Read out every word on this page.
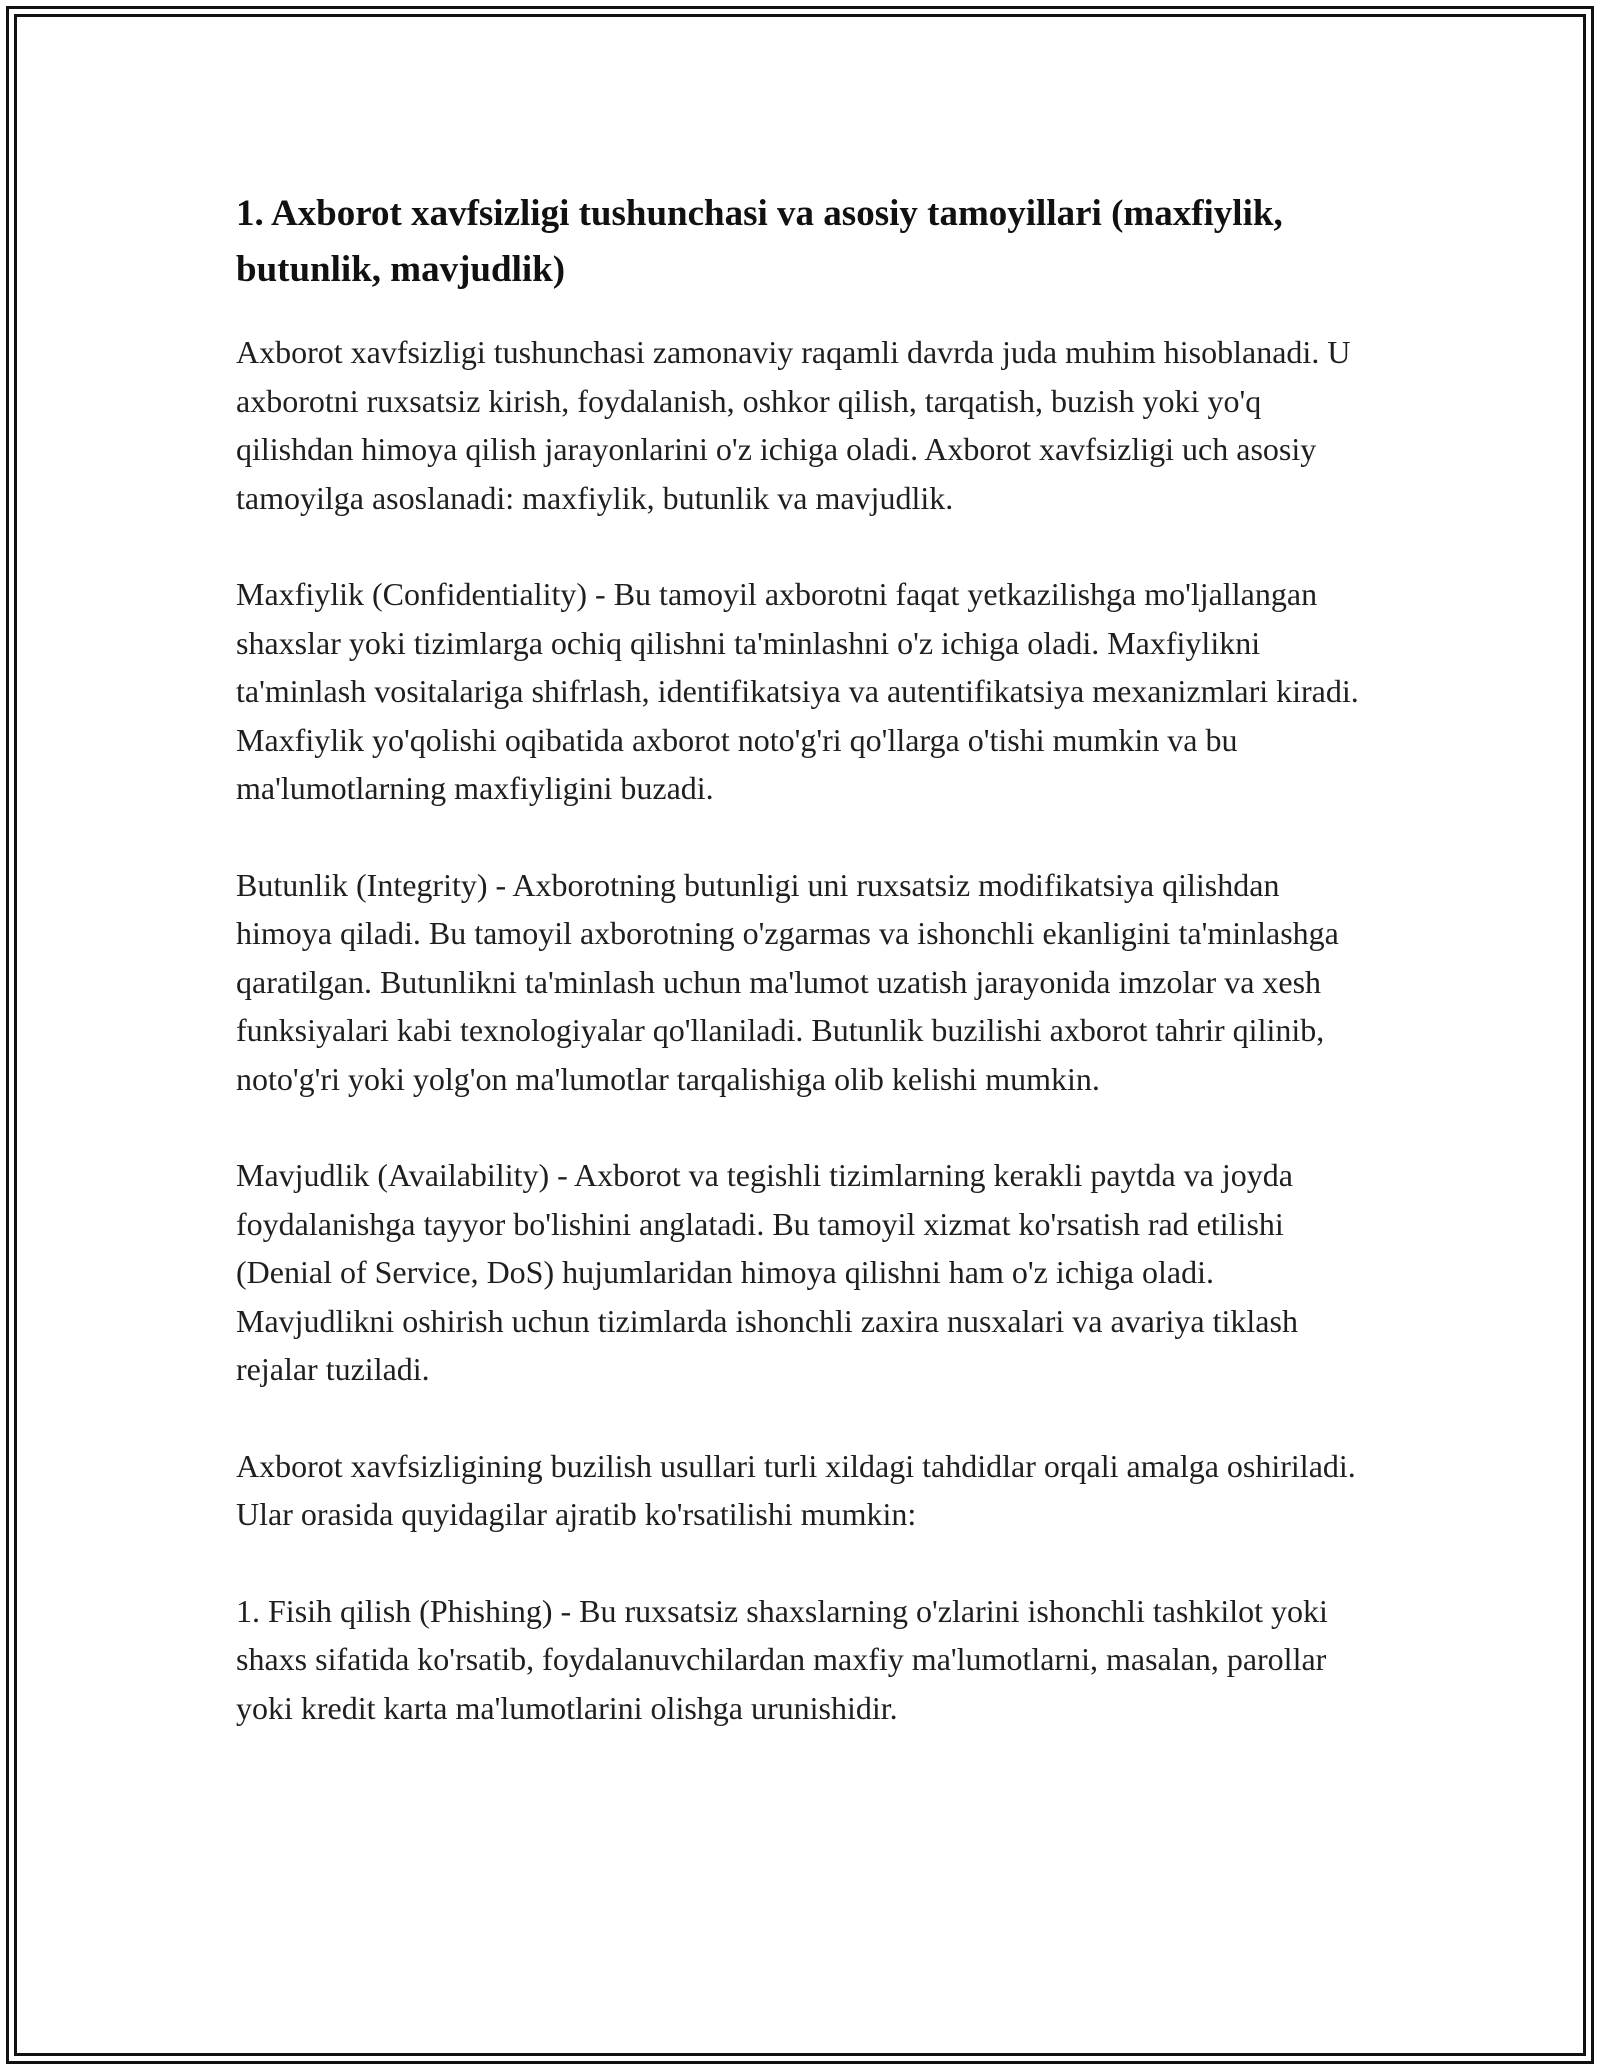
1. Axborot xavfsizligi tushunchasi va asosiy tamoyillari (maxfiylik, butunlik, mavjudlik)

Axborot xavfsizligi tushunchasi zamonaviy raqamli davrda juda muhim hisoblanadi. U axborotni ruxsatsiz kirish, foydalanish, oshkor qilish, tarqatish, buzish yoki yo'q qilishdan himoya qilish jarayonlarini o'z ichiga oladi. Axborot xavfsizligi uch asosiy tamoyilga asoslanadi: maxfiylik, butunlik va mavjudlik.

Maxfiylik (Confidentiality) - Bu tamoyil axborotni faqat yetkazilishga mo'ljallangan shaxslar yoki tizimlarga ochiq qilishni ta'minlashni o'z ichiga oladi. Maxfiylikni ta'minlash vositalariga shifrlash, identifikatsiya va autentifikatsiya mexanizmlari kiradi. Maxfiylik yo'qolishi oqibatida axborot noto'g'ri qo'llarga o'tishi mumkin va bu ma'lumotlarning maxfiyligini buzadi.

Butunlik (Integrity) - Axborotning butunligi uni ruxsatsiz modifikatsiya qilishdan himoya qiladi. Bu tamoyil axborotning o'zgarmas va ishonchli ekanligini ta'minlashga qaratilgan. Butunlikni ta'minlash uchun ma'lumot uzatish jarayonida imzolar va xesh funksiyalari kabi texnologiyalar qo'llaniladi. Butunlik buzilishi axborot tahrir qilinib, noto'g'ri yoki yolg'on ma'lumotlar tarqalishiga olib kelishi mumkin.

Mavjudlik (Availability) - Axborot va tegishli tizimlarning kerakli paytda va joyda foydalanishga tayyor bo'lishini anglatadi. Bu tamoyil xizmat ko'rsatish rad etilishi (Denial of Service, DoS) hujumlaridan himoya qilishni ham o'z ichiga oladi. Mavjudlikni oshirish uchun tizimlarda ishonchli zaxira nusxalari va avariya tiklash rejalar tuziladi.

Axborot xavfsizligining buzilish usullari turli xildagi tahdidlar orqali amalga oshiriladi. Ular orasida quyidagilar ajratib ko'rsatilishi mumkin:

1. Fisih qilish (Phishing) - Bu ruxsatsiz shaxslarning o'zlarini ishonchli tashkilot yoki shaxs sifatida ko'rsatib, foydalanuvchilardan maxfiy ma'lumotlarni, masalan, parollar yoki kredit karta ma'lumotlarini olishga urunishidir.
